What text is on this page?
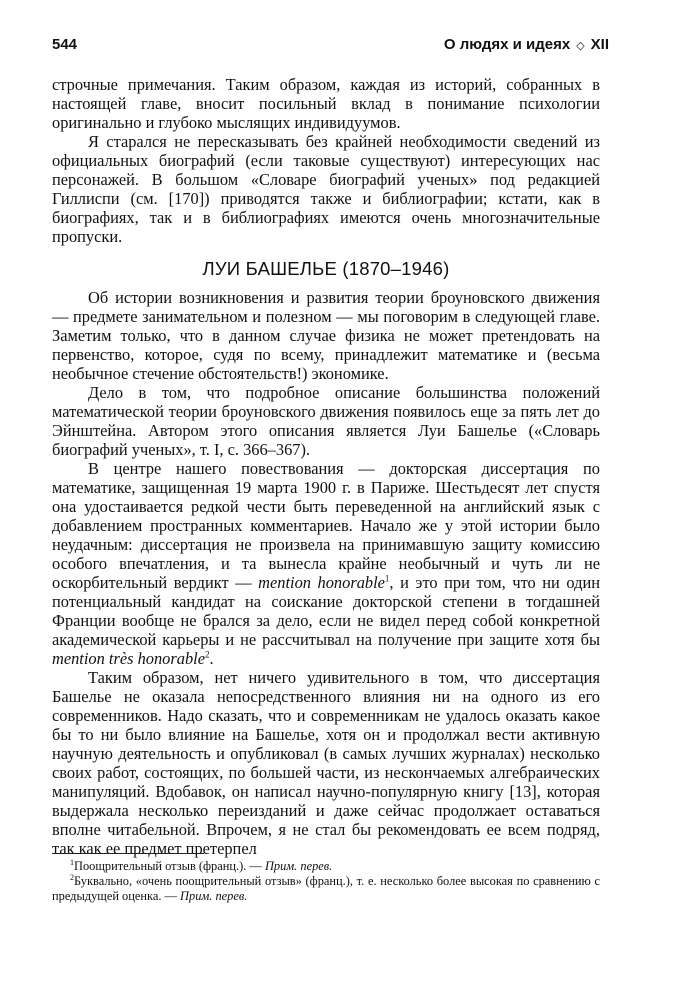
544	О людях и идеях ◇ XII

строчные примечания. Таким образом, каждая из историй, собранных в настоящей главе, вносит посильный вклад в понимание психологии оригинально и глубоко мыслящих индивидуумов.

Я старался не пересказывать без крайней необходимости сведений из официальных биографий (если таковые существуют) интересующих нас персонажей. В большом «Словаре биографий ученых» под редакцией Гиллиспи (см. [170]) приводятся также и библиографии; кстати, как в биографиях, так и в библиографиях имеются очень многозначительные пропуски.

ЛУИ БАШЕЛЬЕ (1870–1946)

Об истории возникновения и развития теории броуновского движения — предмете занимательном и полезном — мы поговорим в следующей главе. Заметим только, что в данном случае физика не может претендовать на первенство, которое, судя по всему, принадлежит математике и (весьма необычное стечение обстоятельств!) экономике.

Дело в том, что подробное описание большинства положений математической теории броуновского движения появилось еще за пять лет до Эйнштейна. Автором этого описания является Луи Башелье («Словарь биографий ученых», т. I, с. 366–367).

В центре нашего повествования — докторская диссертация по математике, защищенная 19 марта 1900 г. в Париже. Шестьдесят лет спустя она удостаивается редкой чести быть переведенной на английский язык с добавлением пространных комментариев. Начало же у этой истории было неудачным: диссертация не произвела на принимавшую защиту комиссию особого впечатления, и та вынесла крайне необычный и чуть ли не оскорбительный вердикт — mention honorable$^1$, и это при том, что ни один потенциальный кандидат на соискание докторской степени в тогдашней Франции вообще не брался за дело, если не видел перед собой конкретной академической карьеры и не рассчитывал на получение при защите хотя бы mention très honorable$^2$.

Таким образом, нет ничего удивительного в том, что диссертация Башелье не оказала непосредственного влияния ни на одного из его современников. Надо сказать, что и современникам не удалось оказать какое бы то ни было влияние на Башелье, хотя он и продолжал вести активную научную деятельность и опубликовал (в самых лучших журналах) несколько своих работ, состоящих, по большей части, из нескончаемых алгебраических манипуляций. Вдобавок, он написал научно-популярную книгу [13], которая выдержала несколько переизданий и даже сейчас продолжает оставаться вполне читабельной. Впрочем, я не стал бы рекомендовать ее всем подряд, так как ее предмет претерпел

$^1$Поощрительный отзыв (франц.). — Прим. перев.

$^2$Буквально, «очень поощрительный отзыв» (франц.), т. е. несколько более высокая по сравнению с предыдущей оценка. — Прим. перев.
